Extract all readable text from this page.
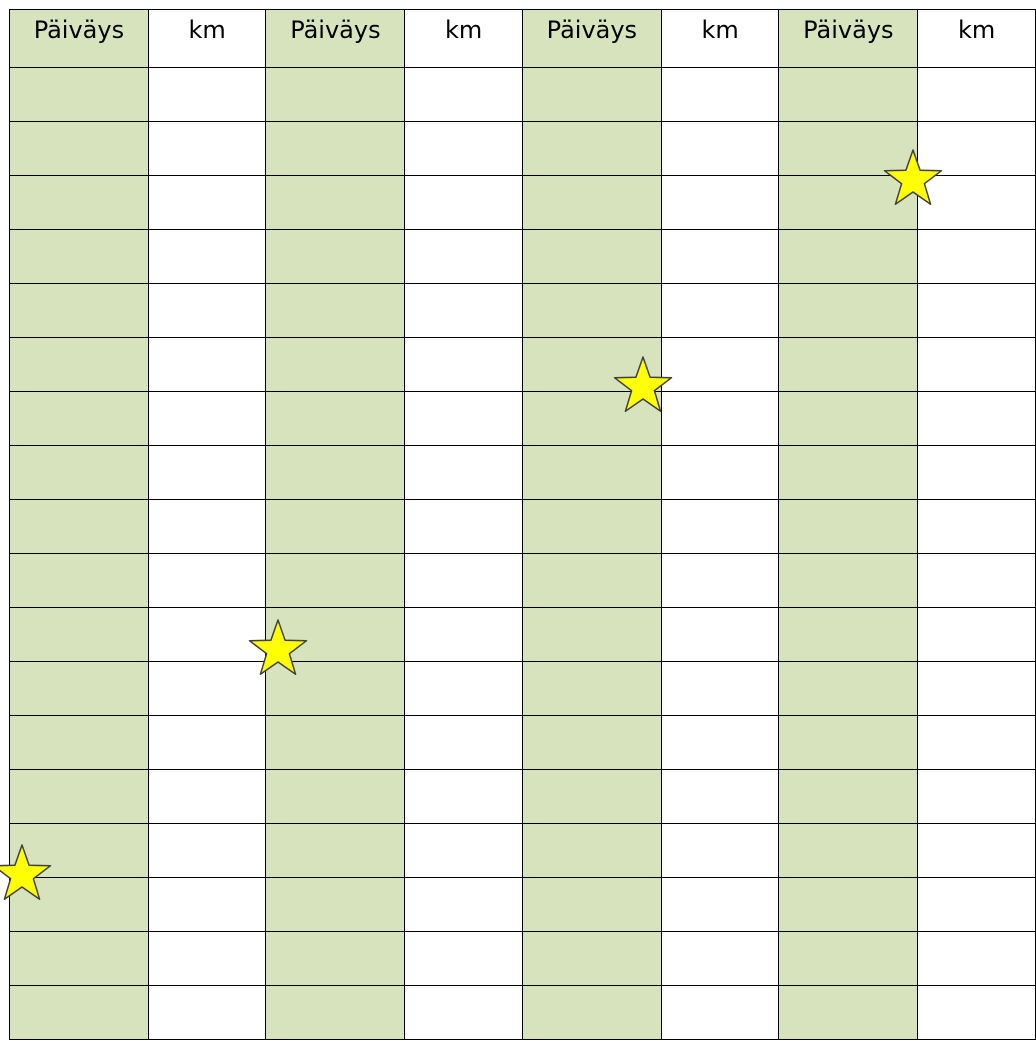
Päiväys	km	Päiväys	km	Päiväys	km	Päiväys	km
